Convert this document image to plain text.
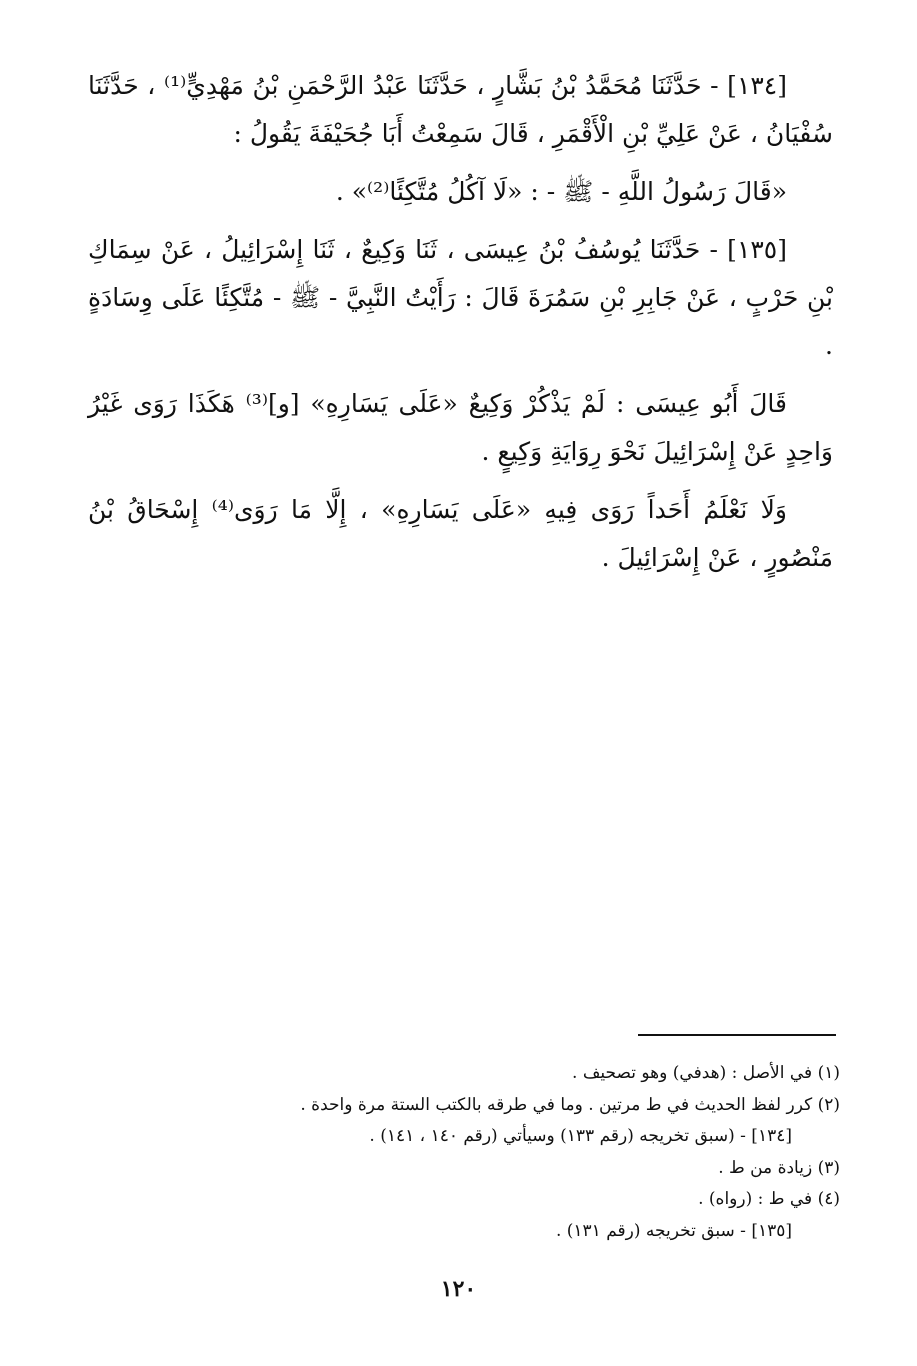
[١٣٤] - حَدَّثَنَا مُحَمَّدُ بْنُ بَشَّارٍ ، حَدَّثَنَا عَبْدُ الرَّحْمَنِ بْنُ مَهْدِيٍّ⁽¹⁾ ، حَدَّثَنَا سُفْيَانُ ، عَنْ عَلِيِّ بْنِ الْأَقْمَرِ ، قَالَ سَمِعْتُ أَبَا جُحَيْفَةَ يَقُولُ :

«قَالَ رَسُولُ اللَّهِ - ﷺ - : «لَا آكُلُ مُتَّكِئًا⁽²⁾» .

[١٣٥] - حَدَّثَنَا يُوسُفُ بْنُ عِيسَى ، ثَنَا وَكِيعٌ ، ثَنَا إِسْرَائِيلُ ، عَنْ سِمَاكِ بْنِ حَرْبٍ ، عَنْ جَابِرِ بْنِ سَمُرَةَ قَالَ : رَأَيْتُ النَّبِيَّ - ﷺ - مُتَّكِئًا عَلَى وِسَادَةٍ .

قَالَ أَبُو عِيسَى : لَمْ يَذْكُرْ وَكِيعٌ «عَلَى يَسَارِهِ» [و]⁽³⁾ هَكَذَا رَوَى غَيْرُ وَاحِدٍ عَنْ إِسْرَائِيلَ نَحْوَ رِوَايَةِ وَكِيعٍ .

وَلَا نَعْلَمُ أَحَداً رَوَى فِيهِ «عَلَى يَسَارِهِ» ، إِلَّا مَا رَوَى⁽⁴⁾ إِسْحَاقُ بْنُ مَنْصُورٍ ، عَنْ إِسْرَائِيلَ .

(١) في الأصل : (هدفي) وهو تصحيف .
(٢) كرر لفظ الحديث في ط مرتين . وما في طرقه بالكتب الستة مرة واحدة .
[١٣٤] - (سبق تخريجه (رقم ١٣٣) وسيأتي (رقم ١٤٠ ، ١٤١) .
(٣) زيادة من ط .
(٤) في ط : (رواه) .
[١٣٥] - سبق تخريجه (رقم ١٣١) .
١٢٠
